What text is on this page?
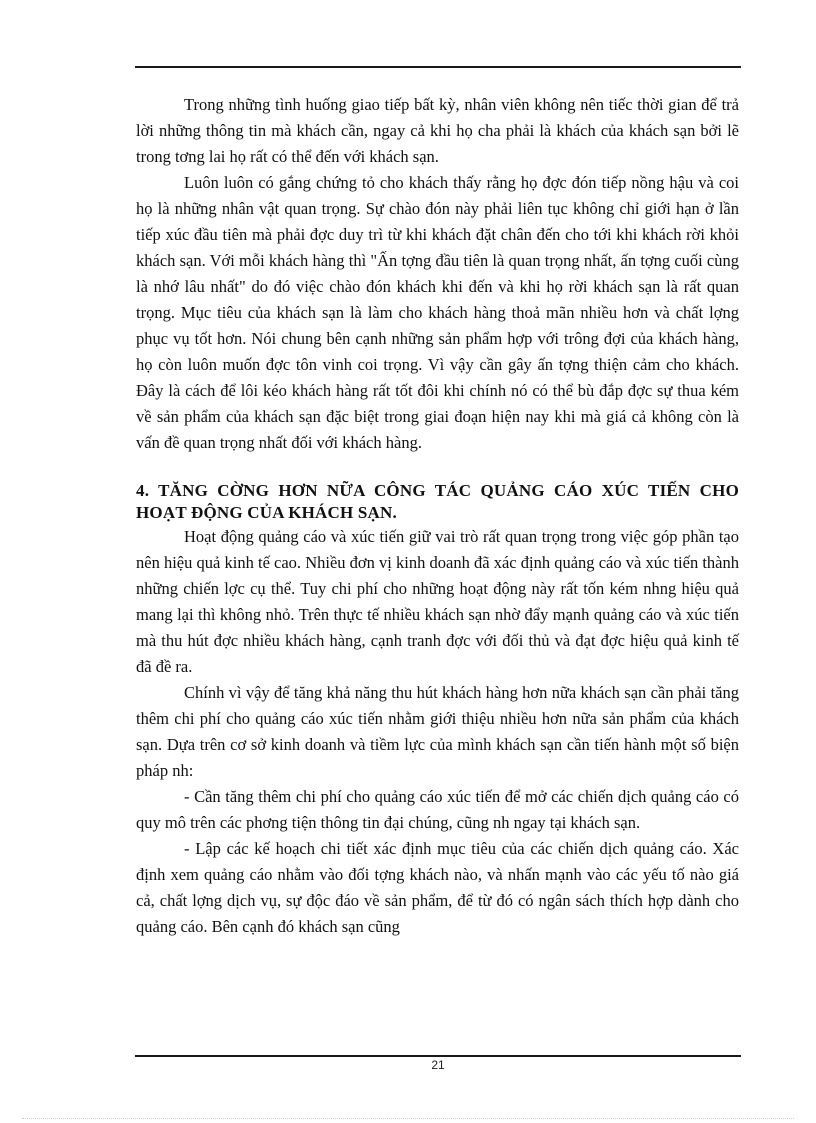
Trong những tình huống giao tiếp bất kỳ, nhân viên không nên tiếc thời gian để trả lời những thông tin mà khách cần, ngay cả khi họ cha phải là khách của khách sạn bởi lẽ trong tơng lai họ rất có thể đến với khách sạn.

Luôn luôn có gắng chứng tỏ cho khách thấy rằng họ đợc đón tiếp nồng hậu và coi họ là những nhân vật quan trọng. Sự chào đón này phải liên tục không chỉ giới hạn ở lần tiếp xúc đầu tiên mà phải đợc duy trì từ khi khách đặt chân đến cho tới khi khách rời khỏi khách sạn. Với mỗi khách hàng thì "Ấn tợng đầu tiên là quan trọng nhất, ấn tợng cuối cùng là nhớ lâu nhất" do đó việc chào đón khách khi đến và khi họ rời khách sạn là rất quan trọng. Mục tiêu của khách sạn là làm cho khách hàng thoả mãn nhiều hơn và chất lợng phục vụ tốt hơn. Nói chung bên cạnh những sản phẩm hợp với trông đợi của khách hàng, họ còn luôn muốn đợc tôn vinh coi trọng. Vì vậy cần gây ấn tợng thiện cảm cho khách. Đây là cách để lôi kéo khách hàng rất tốt đôi khi chính nó có thể bù đắp đợc sự thua kém về sản phẩm của khách sạn đặc biệt trong giai đoạn hiện nay khi mà giá cả không còn là vấn đề quan trọng nhất đối với khách hàng.

4. TĂNG CỜNG HƠN NỮA CÔNG TÁC QUẢNG CÁO XÚC TIẾN CHO HOẠT ĐỘNG CỦA KHÁCH SẠN.

Hoạt động quảng cáo và xúc tiến giữ vai trò rất quan trọng trong việc góp phần tạo nên hiệu quả kinh tế cao. Nhiều đơn vị kinh doanh đã xác định quảng cáo và xúc tiến thành những chiến lợc cụ thể. Tuy chi phí cho những hoạt động này rất tốn kém nhng hiệu quả mang lại thì không nhỏ. Trên thực tế nhiều khách sạn nhờ đẩy mạnh quảng cáo và xúc tiến mà thu hút đợc nhiều khách hàng, cạnh tranh đợc với đối thủ và đạt đợc hiệu quả kinh tế đã đề ra.

Chính vì vậy để tăng khả năng thu hút khách hàng hơn nữa khách sạn cần phải tăng thêm chi phí cho quảng cáo xúc tiến nhằm giới thiệu nhiều hơn nữa sản phẩm của khách sạn. Dựa trên cơ sở kinh doanh và tiềm lực của mình khách sạn cần tiến hành một số biện pháp nh:

- Cần tăng thêm chi phí cho quảng cáo xúc tiến để mở các chiến dịch quảng cáo có quy mô trên các phơng tiện thông tin đại chúng, cũng nh ngay tại khách sạn.

- Lập các kế hoạch chi tiết xác định mục tiêu của các chiến dịch quảng cáo. Xác định xem quảng cáo nhằm vào đối tợng khách nào, và nhấn mạnh vào các yếu tố nào giá cả, chất lợng dịch vụ, sự độc đáo về sản phẩm, để từ đó có ngân sách thích hợp dành cho quảng cáo. Bên cạnh đó khách sạn cũng

21
